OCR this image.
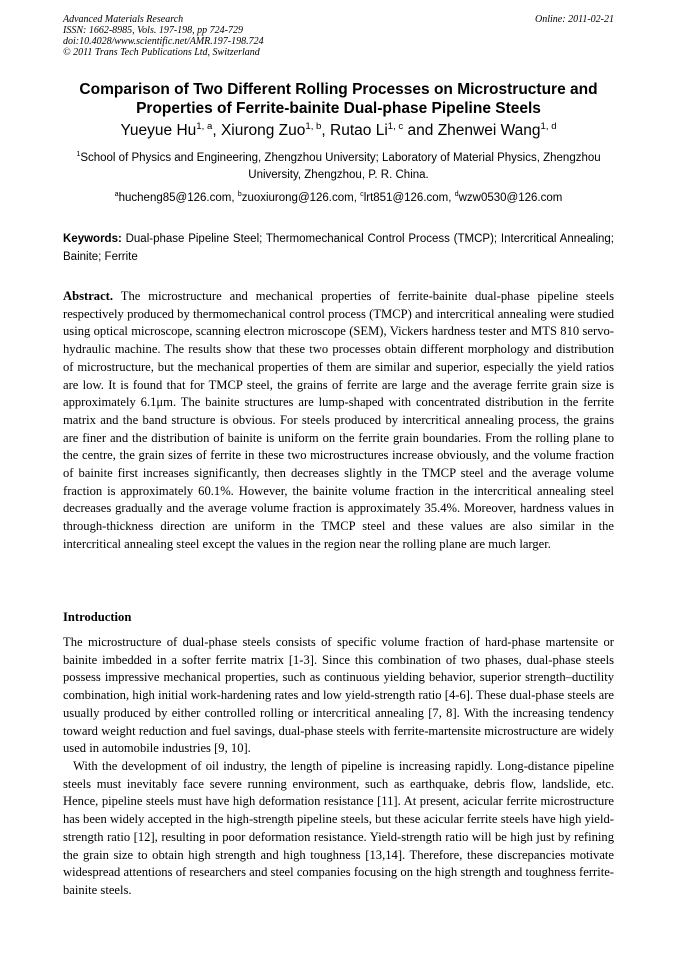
Advanced Materials Research
ISSN: 1662-8985, Vols. 197-198, pp 724-729
doi:10.4028/www.scientific.net/AMR.197-198.724
© 2011 Trans Tech Publications Ltd, Switzerland
Online: 2011-02-21
Comparison of Two Different Rolling Processes on Microstructure and Properties of Ferrite-bainite Dual-phase Pipeline Steels
Yueyue Hu$^{1, a}$, Xiurong Zuo$^{1, b}$, Rutao Li$^{1, c}$ and Zhenwei Wang$^{1, d}$
$^1$School of Physics and Engineering, Zhengzhou University; Laboratory of Material Physics, Zhengzhou University, Zhengzhou, P. R. China.
$^a$hucheng85@126.com, $^b$zuoxiurong@126.com, $^c$lrt851@126.com, $^d$wzw0530@126.com
Keywords: Dual-phase Pipeline Steel; Thermomechanical Control Process (TMCP); Intercritical Annealing; Bainite; Ferrite
Abstract. The microstructure and mechanical properties of ferrite-bainite dual-phase pipeline steels respectively produced by thermomechanical control process (TMCP) and intercritical annealing were studied using optical microscope, scanning electron microscope (SEM), Vickers hardness tester and MTS 810 servo-hydraulic machine. The results show that these two processes obtain different morphology and distribution of microstructure, but the mechanical properties of them are similar and superior, especially the yield ratios are low. It is found that for TMCP steel, the grains of ferrite are large and the average ferrite grain size is approximately 6.1μm. The bainite structures are lump-shaped with concentrated distribution in the ferrite matrix and the band structure is obvious. For steels produced by intercritical annealing process, the grains are finer and the distribution of bainite is uniform on the ferrite grain boundaries. From the rolling plane to the centre, the grain sizes of ferrite in these two microstructures increase obviously, and the volume fraction of bainite first increases significantly, then decreases slightly in the TMCP steel and the average volume fraction is approximately 60.1%. However, the bainite volume fraction in the intercritical annealing steel decreases gradually and the average volume fraction is approximately 35.4%. Moreover, hardness values in through-thickness direction are uniform in the TMCP steel and these values are also similar in the intercritical annealing steel except the values in the region near the rolling plane are much larger.
Introduction
The microstructure of dual-phase steels consists of specific volume fraction of hard-phase martensite or bainite imbedded in a softer ferrite matrix [1-3]. Since this combination of two phases, dual-phase steels possess impressive mechanical properties, such as continuous yielding behavior, superior strength–ductility combination, high initial work-hardening rates and low yield-strength ratio [4-6]. These dual-phase steels are usually produced by either controlled rolling or intercritical annealing [7, 8]. With the increasing tendency toward weight reduction and fuel savings, dual-phase steels with ferrite-martensite microstructure are widely used in automobile industries [9, 10].
With the development of oil industry, the length of pipeline is increasing rapidly. Long-distance pipeline steels must inevitably face severe running environment, such as earthquake, debris flow, landslide, etc. Hence, pipeline steels must have high deformation resistance [11]. At present, acicular ferrite microstructure has been widely accepted in the high-strength pipeline steels, but these acicular ferrite steels have high yield-strength ratio [12], resulting in poor deformation resistance. Yield-strength ratio will be high just by refining the grain size to obtain high strength and high toughness [13,14]. Therefore, these discrepancies motivate widespread attentions of researchers and steel companies focusing on the high strength and toughness ferrite-bainite steels.
